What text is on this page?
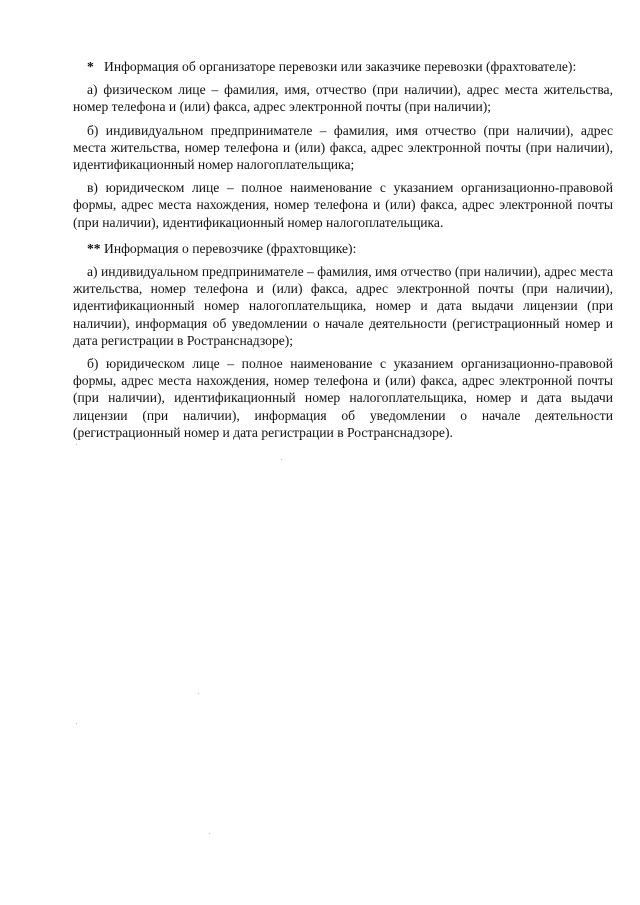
* Информация об организаторе перевозки или заказчике перевозки (фрахтователе):

а) физическом лице – фамилия, имя, отчество (при наличии), адрес места жительства, номер телефона и (или) факса, адрес электронной почты (при наличии);

б) индивидуальном предпринимателе – фамилия, имя отчество (при наличии), адрес места жительства, номер телефона и (или) факса, адрес электронной почты (при наличии), идентификационный номер налогоплательщика;

в) юридическом лице – полное наименование с указанием организационно-правовой формы, адрес места нахождения, номер телефона и (или) факса, адрес электронной почты (при наличии), идентификационный номер налогоплательщика.

** Информация о перевозчике (фрахтовщике):

а) индивидуальном предпринимателе – фамилия, имя отчество (при наличии), адрес места жительства, номер телефона и (или) факса, адрес электронной почты (при наличии), идентификационный номер налогоплательщика, номер и дата выдачи лицензии (при наличии), информация об уведомлении о начале деятельности (регистрационный номер и дата регистрации в Ространснадзоре);

б) юридическом лице – полное наименование с указанием организационно-правовой формы, адрес места нахождения, номер телефона и (или) факса, адрес электронной почты (при наличии), идентификационный номер налогоплательщика, номер и дата выдачи лицензии (при наличии), информация об уведомлении о начале деятельности (регистрационный номер и дата регистрации в Ространснадзоре).
